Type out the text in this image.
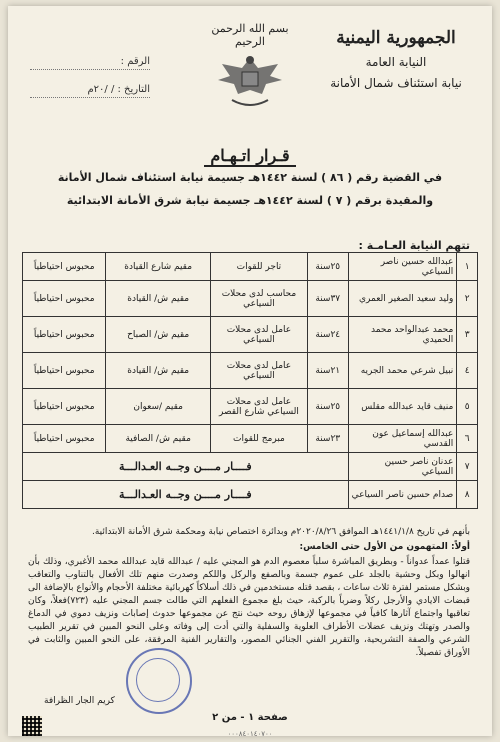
الجمهورية اليمنية
النيابة العامة
نيابة استئناف شمال الأمانة
بسم الله الرحمن الرحيم
الرقم :
التاريخ : / /٢٠م
قـرار اتـهـام
في القضية رقم ( ٨٦ ) لسنة ١٤٤٢هـ جسيمة نيابة استئناف شمال الأمانة
والمقيدة برقم ( ٧ ) لسنة ١٤٤٢هـ جسيمة نيابة شرق الأمانة الابتدائية
تتهم النيابة العـامـة :
١	عبدالله حسين ناصر السياعي	٢٥سنة	تاجر للقوات	مقيم شارع القيادة	محبوس احتياطياً
٢	وليد سعيد الصغير العمري	٣٧سنة	محاسب لدى محلات السياعي	مقيم ش/ القيادة	محبوس احتياطياً
٣	محمد عبدالواحد محمد الحميدي	٢٤سنة	عامل لدى محلات السياعي	مقيم ش/ الصباح	محبوس احتياطياً
٤	نبيل شرعي محمد الجريه	٢١سنة	عامل لدى محلات السياعي	مقيم ش/ القيادة	محبوس احتياطياً
٥	منيف قايد عبدالله مقلس	٢٥سنة	عامل لدى محلات السياعي شارع القصر	مقيم /سعوان	محبوس احتياطياً
٦	عبدالله إسماعيل عون القدسي	٢٣سنة	مبرمج للقوات	مقيم ش/ الصافية	محبوس احتياطياً
٧	عدنان ناصر حسين السياعي	فــــار مــــن وجــه العـدالـــة			
٨	صدام حسين ناصر السياعي	فــــار مــــن وجــه العـدالـــة			

بأنهم في تاريخ ١٤٤١/١/٨هـ الموافق ٢٠٢٠/٨/٢٦م وبدائرة اختصاص نيابة ومحكمة شرق الأمانة الابتدائية.

أولاً: المتهمون من الأول حتى الخامس:

قتلوا عمداً عدواناً - وبطريق المباشرة سلباً معصوم الدم هو المجني عليه / عبدالله قايد عبدالله محمد الأغبري، وذلك بأن انهالوا وبكل وحشية بالجلد على عموم جسمة وبالصفع والركل واللكم وصدرت منهم تلك الأفعال بالتناوب والتعاقب وبشكل مستمر لفترة ثلاث ساعات ، بقصد قتله مستخدمين في ذلك أسلاكاً كهربائية مختلفة الأحجام والأنواع بالإضافة الى قبضات الايادي والأرجل ركلاً وضرباً بالركبة، حيث بلغ مجموع الفعلهم التي طالت جسم المجني عليه (٧٢٣)فعلاً، وكان تعاقبها واجتماع آثارها كافياً في مجموعها لإزهاق روحه حيث نتج عن مجموعها حدوث إصابات ونزيف دموي في الدماغ والصدر وتهتك ونزيف عضلات الأطراف العلوية والسفلية والتي أدت إلى وفاته وعلى النحو المبين في تقرير الطبيب الشرعي والصفة التشريحية، والتقرير الفني الجنائي المصور، والتقارير الفنية المرفقة، على النحو المبين والثابت في الأوراق تفصيلاً.

كريم الجار الظرافة
صفحة ١ - من ٢
٠٠٠٨٤٠١٤٠٧٠٠
